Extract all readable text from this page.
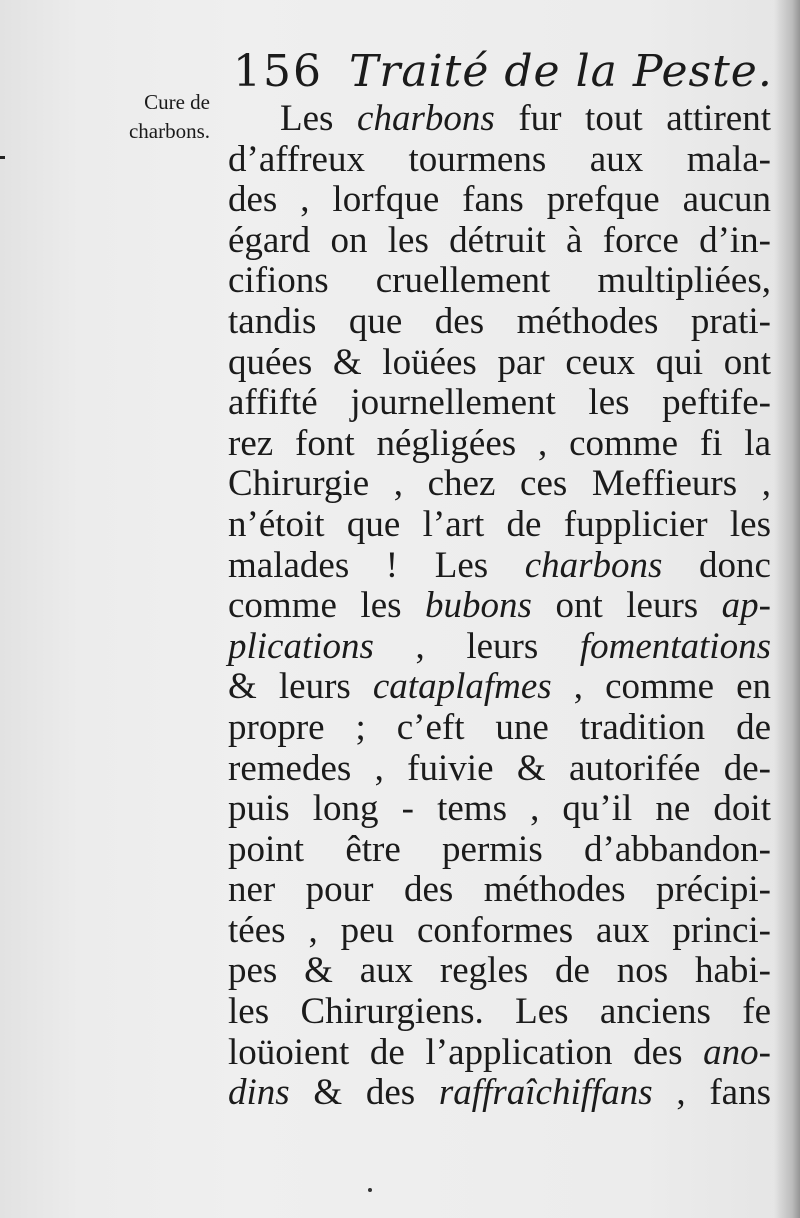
156 Traité de la Peste.
Cure de
charbons.	Les charbons fur tout attirent
d’affreux tourmens aux mala-
des , lorfque fans prefque aucun
égard on les détruit à force d’in-
cifions cruellement multipliées,
tandis que des méthodes prati-
quées & loüées par ceux qui ont
affifté journellement les peftife-
rez font négligées , comme fi la
Chirurgie , chez ces Meffieurs ,
n’étoit que l’art de fupplicier les
malades ! Les charbons donc
comme les bubons ont leurs ap-
plications , leurs fomentations
& leurs cataplafmes , comme en
propre ; c’eft une tradition de
remedes , fuivie & autorifée de-
puis long - tems , qu’il ne doit
point être permis d’abbandon-
ner pour des méthodes précipi-
tées , peu conformes aux princi-
pes & aux regles de nos habi-
les Chirurgiens. Les anciens fe
loüoient de l’application des ano-
dins & des raffraîchiffans , fans
